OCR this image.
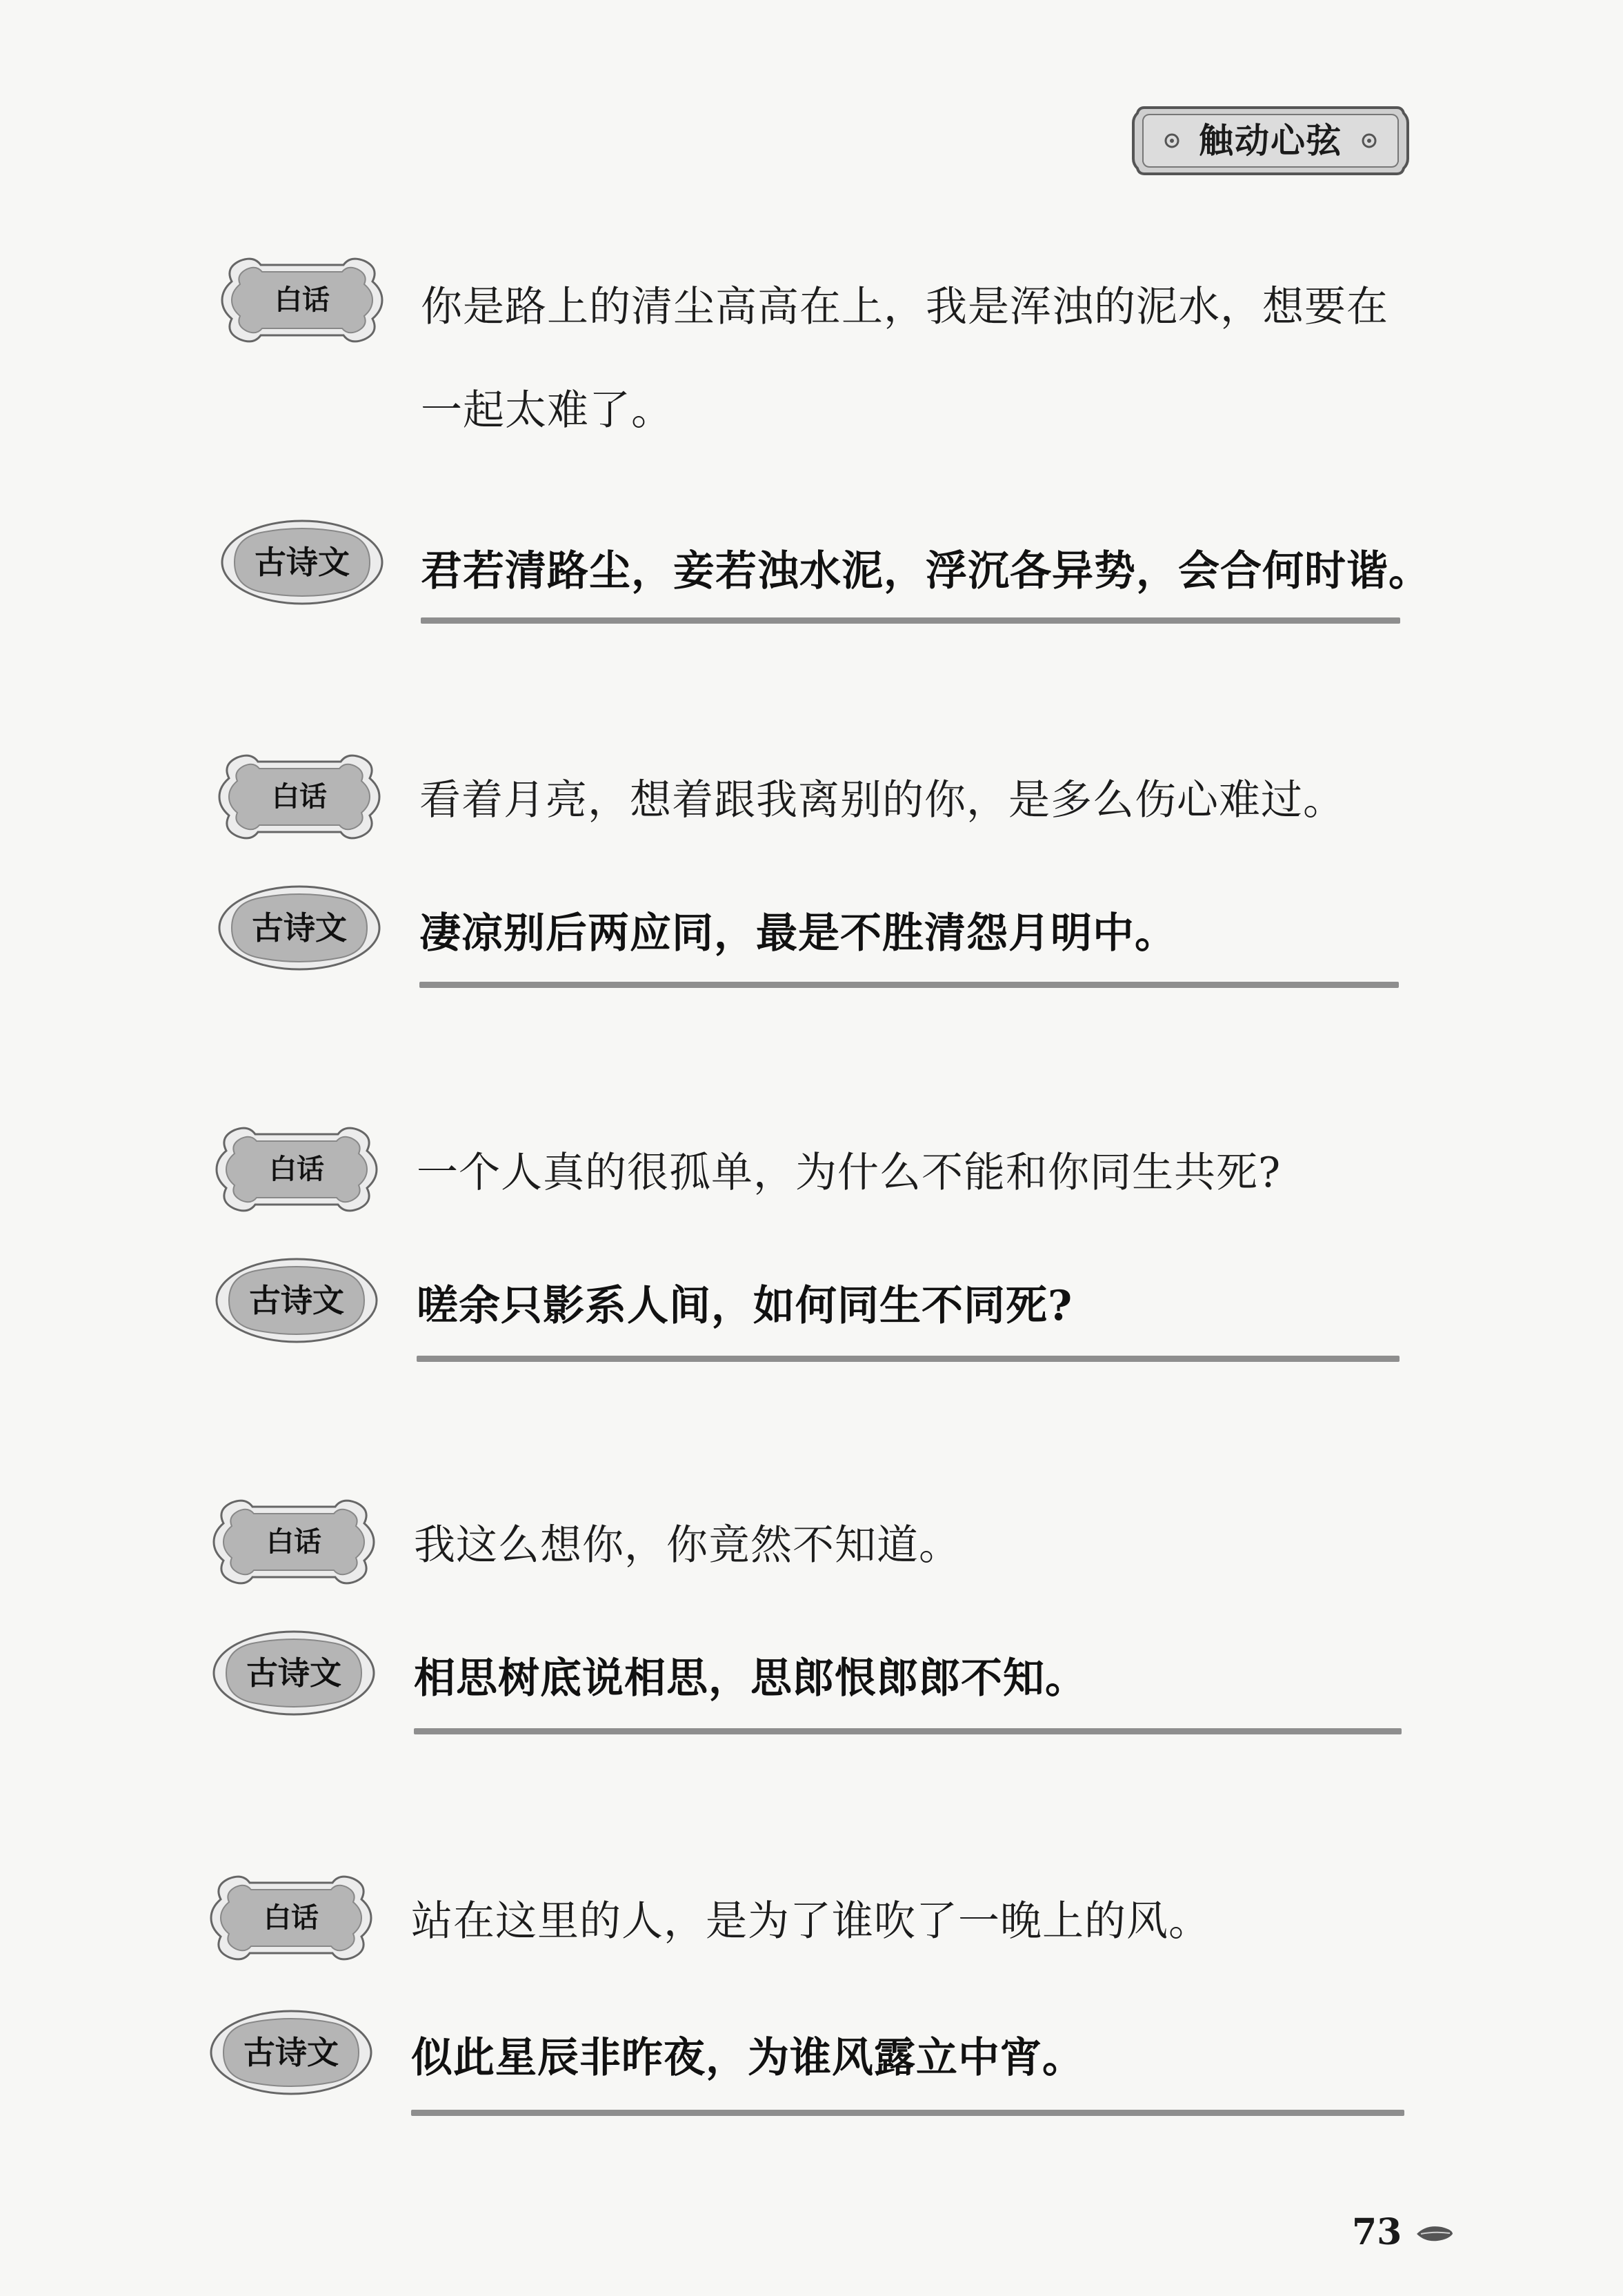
触动心弦
白话	你是路上的清尘高高在上，我是浑浊的泥水，想要在一起太难了。
古诗文	君若清路尘，妾若浊水泥，浮沉各异势，会合何时谐。
白话	看着月亮，想着跟我离别的你，是多么伤心难过。
古诗文	凄凉别后两应同，最是不胜清怨月明中。
白话	一个人真的很孤单，为什么不能和你同生共死?
古诗文	嗟余只影系人间，如何同生不同死?
白话	我这么想你，你竟然不知道。
古诗文	相思树底说相思，思郎恨郎郎不知。
白话	站在这里的人，是为了谁吹了一晚上的风。
古诗文	似此星辰非昨夜，为谁风露立中宵。
73
